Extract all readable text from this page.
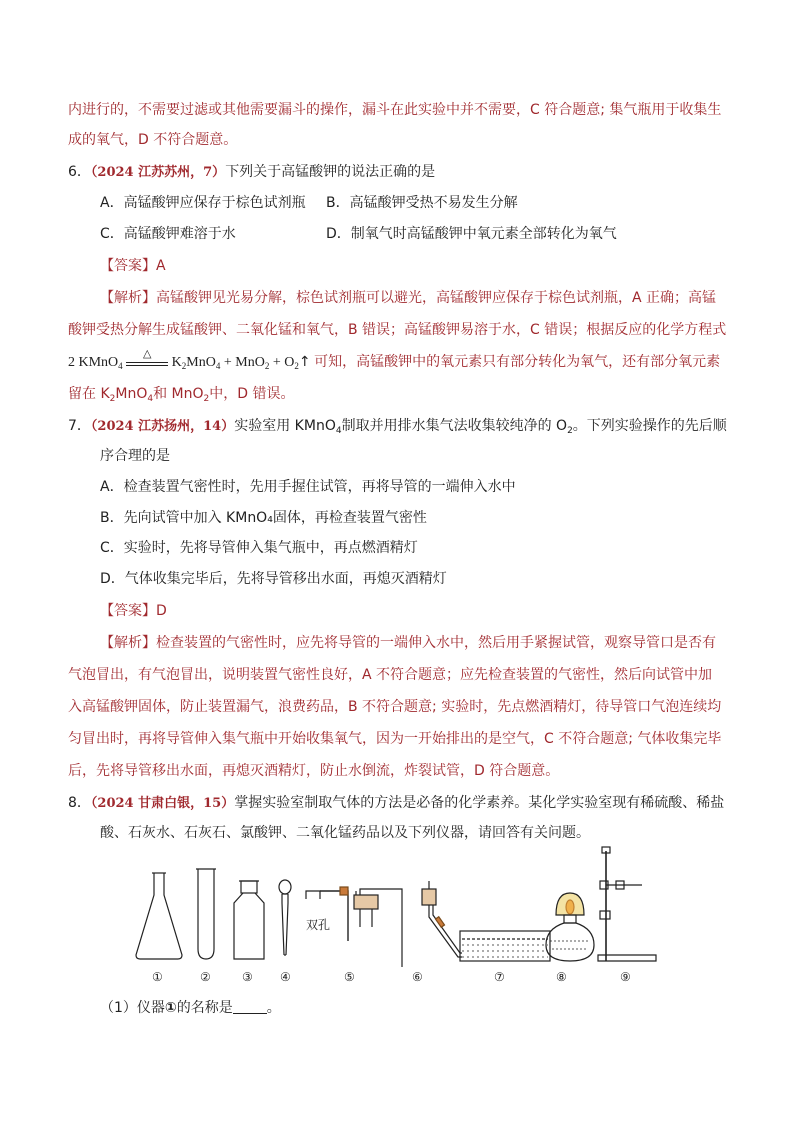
内进行的，不需要过滤或其他需要漏斗的操作，漏斗在此实验中并不需要，C 符合题意; 集气瓶用于收集生
成的氧气，D 不符合题意。
6．（2024 江苏苏州，7）下列关于高锰酸钾的说法正确的是
A．高锰酸钾应保存于棕色试剂瓶 B．高锰酸钾受热不易发生分解
C．高锰酸钾难溶于水	D．制氧气时高锰酸钾中氧元素全部转化为氧气
【答案】A
【解析】高锰酸钾见光易分解，棕色试剂瓶可以避光，高锰酸钾应保存于棕色试剂瓶，A 正确；高锰
酸钾受热分解生成锰酸钾、二氧化锰和氧气，B 错误；高锰酸钾易溶于水，C 错误；根据反应的化学方程式
2 KMnO$_4$
△
$K_2MnO_4 + MnO_2$ + $O_2↑$ 可知，高锰酸钾中的氧元素只有部分转化为氧气，还有部分氧元素
留在 $K_2MnO_4$和 MnO$_2$中，D 错误。
7．（2024 江苏扬州，14）实验室用 KMnO$_4$制取并用排水集气法收集较纯净的 $O_2$。下列实验操作的先后顺
序合理的是
A．检查装置气密性时，先用手握住试管，再将导管的一端伸入水中
B．先向试管中加入 KMnO₄固体，再检查装置气密性
C．实验时，先将导管伸入集气瓶中，再点燃酒精灯
D．气体收集完毕后，先将导管移出水面，再熄灭酒精灯
【答案】D
【解析】检查装置的气密性时，应先将导管的一端伸入水中，然后用手紧握试管，观察导管口是否有
气泡冒出，有气泡冒出，说明装置气密性良好，A 不符合题意；应先检查装置的气密性，然后向试管中加
入高锰酸钾固体，防止装置漏气，浪费药品，B 不符合题意; 实验时，先点燃酒精灯，待导管口气泡连续均
匀冒出时，再将导管伸入集气瓶中开始收集氧气，因为一开始排出的是空气，C 不符合题意; 气体收集完毕
后，先将导管移出水面，再熄灭酒精灯，防止水倒流，炸裂试管，D 符合题意。
8．（2024 甘肃白银，15）掌握实验室制取气体的方法是必备的化学素养。某化学实验室现有稀硫酸、稀盐
酸、石灰水、石灰石、氯酸钾、二氧化锰药品以及下列仪器，请回答有关问题。
双孔
①	②	③ ④	⑤	⑥	⑦	⑧	⑨
（1）仪器①的名称是 。
